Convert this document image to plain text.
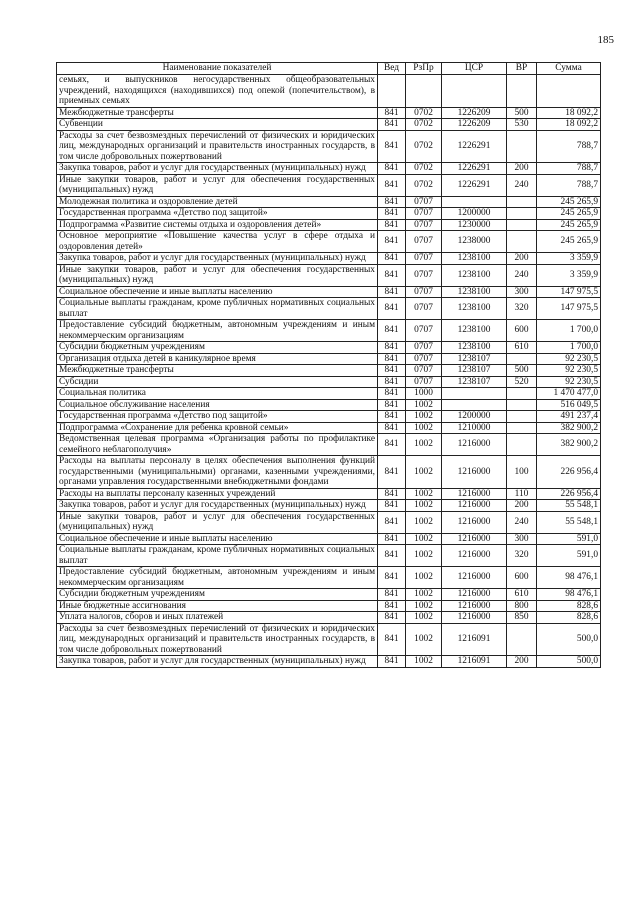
185
Наименование показателей	Вед	РзПр	ЦСР	ВР	Сумма
семьях, и выпускников негосударственных общеобразовательных учреждений, находящихся (находившихся) под опекой (попечительством), в приемных семьях					
Межбюджетные трансферты	841	0702	1226209	500	18 092,2
Субвенции	841	0702	1226209	530	18 092,2
Расходы за счет безвозмездных перечислений от физических и юридических лиц, международных организаций и правительств иностранных государств, в том числе добровольных пожертвований	841	0702	1226291		788,7
Закупка товаров, работ и услуг для государственных (муниципальных) нужд	841	0702	1226291	200	788,7
Иные закупки товаров, работ и услуг для обеспечения государственных (муниципальных) нужд	841	0702	1226291	240	788,7
Молодежная политика и оздоровление детей	841	0707			245 265,9
Государственная программа «Детство под защитой»	841	0707	1200000		245 265,9
Подпрограмма «Развитие системы отдыха и оздоровления детей»	841	0707	1230000		245 265,9
Основное мероприятие «Повышение качества услуг в сфере отдыха и оздоровления детей»	841	0707	1238000		245 265,9
Закупка товаров, работ и услуг для государственных (муниципальных) нужд	841	0707	1238100	200	3 359,9
Иные закупки товаров, работ и услуг для обеспечения государственных (муниципальных) нужд	841	0707	1238100	240	3 359,9
Социальное обеспечение и иные выплаты населению	841	0707	1238100	300	147 975,5
Социальные выплаты гражданам, кроме публичных нормативных социальных выплат	841	0707	1238100	320	147 975,5
Предоставление субсидий бюджетным, автономным учреждениям и иным некоммерческим организациям	841	0707	1238100	600	1 700,0
Субсидии бюджетным учреждениям	841	0707	1238100	610	1 700,0
Организация отдыха детей в каникулярное время	841	0707	1238107		92 230,5
Межбюджетные трансферты	841	0707	1238107	500	92 230,5
Субсидии	841	0707	1238107	520	92 230,5
Социальная политика	841	1000			1 470 477,0
Социальное обслуживание населения	841	1002			516 049,5
Государственная программа «Детство под защитой»	841	1002	1200000		491 237,4
Подпрограмма «Сохранение для ребенка кровной семьи»	841	1002	1210000		382 900,2
Ведомственная целевая программа «Организация работы по профилактике семейного неблагополучия»	841	1002	1216000		382 900,2
Расходы на выплаты персоналу в целях обеспечения выполнения функций государственными (муниципальными) органами, казенными учреждениями, органами управления государственными внебюджетными фондами	841	1002	1216000	100	226 956,4
Расходы на выплаты персоналу казенных учреждений	841	1002	1216000	110	226 956,4
Закупка товаров, работ и услуг для государственных (муниципальных) нужд	841	1002	1216000	200	55 548,1
Иные закупки товаров, работ и услуг для обеспечения государственных (муниципальных) нужд	841	1002	1216000	240	55 548,1
Социальное обеспечение и иные выплаты населению	841	1002	1216000	300	591,0
Социальные выплаты гражданам, кроме публичных нормативных социальных выплат	841	1002	1216000	320	591,0
Предоставление субсидий бюджетным, автономным учреждениям и иным некоммерческим организациям	841	1002	1216000	600	98 476,1
Субсидии бюджетным учреждениям	841	1002	1216000	610	98 476,1
Иные бюджетные ассигнования	841	1002	1216000	800	828,6
Уплата налогов, сборов и иных платежей	841	1002	1216000	850	828,6
Расходы за счет безвозмездных перечислений от физических и юридических лиц, международных организаций и правительств иностранных государств, в том числе добровольных пожертвований	841	1002	1216091		500,0
Закупка товаров, работ и услуг для государственных (муниципальных) нужд	841	1002	1216091	200	500,0
